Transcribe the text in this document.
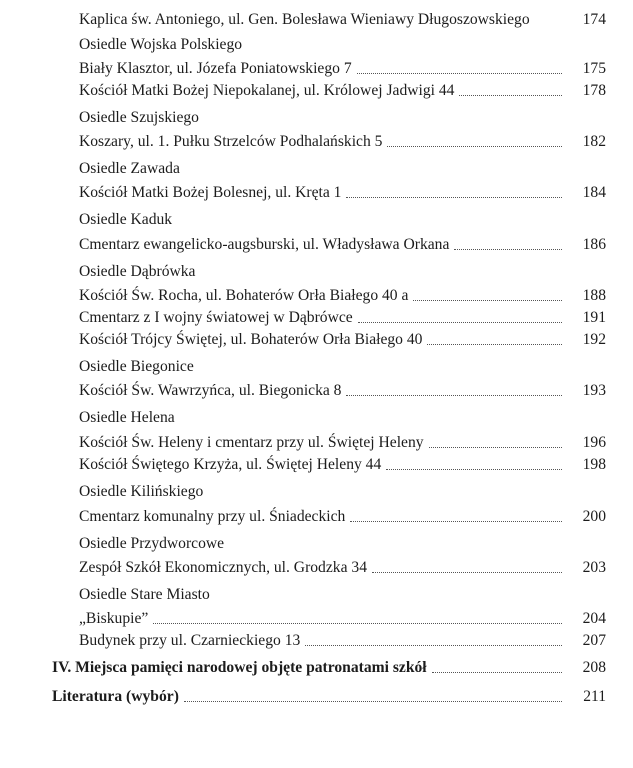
Kaplica św. Antoniego, ul. Gen. Bolesława Wieniawy Długoszowskiego	174
Osiedle Wojska Polskiego
Biały Klasztor, ul. Józefa Poniatowskiego 7	175
Kościół Matki Bożej Niepokalanej, ul. Królowej Jadwigi 44	178
Osiedle Szujskiego
Koszary, ul. 1. Pułku Strzelców Podhalańskich 5	182
Osiedle Zawada
Kościół Matki Bożej Bolesnej, ul. Kręta 1	184
Osiedle Kaduk
Cmentarz ewangelicko-augsburski, ul. Władysława Orkana	186
Osiedle Dąbrówka
Kościół Św. Rocha, ul. Bohaterów Orła Białego 40 a	188
Cmentarz z I wojny światowej w Dąbrówce	191
Kościół Trójcy Świętej, ul. Bohaterów Orła Białego 40	192
Osiedle Biegonice
Kościół Św. Wawrzyńca, ul. Biegonicka 8	193
Osiedle Helena
Kościół Św. Heleny i cmentarz przy ul. Świętej Heleny	196
Kościół Świętego Krzyża, ul. Świętej Heleny 44	198
Osiedle Kilińskiego
Cmentarz komunalny przy ul. Śniadeckich	200
Osiedle Przydworcowe
Zespół Szkół Ekonomicznych, ul. Grodzka 34	203
Osiedle Stare Miasto
„Biskupie”	204
Budynek przy ul. Czarnieckiego 13	207
IV. Miejsca pamięci narodowej objęte patronatami szkół	208
Literatura (wybór)	211
